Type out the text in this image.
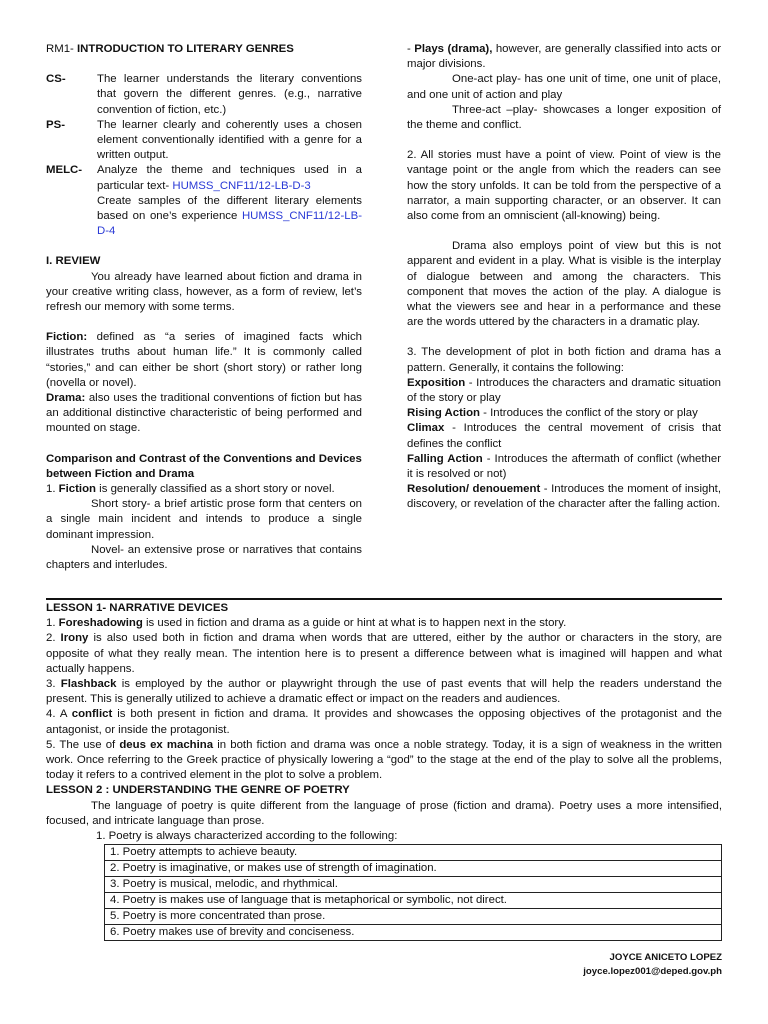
RM1- INTRODUCTION TO LITERARY GENRES

CS-	The learner understands the literary conventions that govern the different genres. (e.g., narrative convention of fiction, etc.)
PS-	The learner clearly and coherently uses a chosen element conventionally identified with a genre for a written output.
MELC-	Analyze the theme and techniques used in a particular text- HUMSS_CNF11/12-LB-D-3
Create samples of the different literary elements based on one’s experience HUMSS_CNF11/12-LB-D-4

I. REVIEW

You already have learned about fiction and drama in your creative writing class, however, as a form of review, let’s refresh our memory with some terms.

Fiction: defined as “a series of imagined facts which illustrates truths about human life.” It is commonly called “stories,” and can either be short (short story) or rather long (novella or novel).

Drama: also uses the traditional conventions of fiction but has an additional distinctive characteristic of being performed and mounted on stage.

Comparison and Contrast of the Conventions and Devices between Fiction and Drama

1. Fiction is generally classified as a short story or novel.

Short story- a brief artistic prose form that centers on a single main incident and intends to produce a single dominant impression.

Novel- an extensive prose or narratives that contains chapters and interludes.

- Plays (drama), however, are generally classified into acts or major divisions.

One-act play- has one unit of time, one unit of place, and one unit of action and play

Three-act –play- showcases a longer exposition of the theme and conflict.

2. All stories must have a point of view. Point of view is the vantage point or the angle from which the readers can see how the story unfolds. It can be told from the perspective of a narrator, a main supporting character, or an observer. It can also come from an omniscient (all-knowing) being.

Drama also employs point of view but this is not apparent and evident in a play. What is visible is the interplay of dialogue between and among the characters. This component that moves the action of the play. A dialogue is what the viewers see and hear in a performance and these are the words uttered by the characters in a dramatic play.

3. The development of plot in both fiction and drama has a pattern. Generally, it contains the following:

Exposition - Introduces the characters and dramatic situation of the story or play

Rising Action - Introduces the conflict of the story or play

Climax - Introduces the central movement of crisis that defines the conflict

Falling Action - Introduces the aftermath of conflict (whether it is resolved or not)

Resolution/ denouement - Introduces the moment of insight, discovery, or revelation of the character after the falling action.

LESSON 1- NARRATIVE DEVICES

1. Foreshadowing is used in fiction and drama as a guide or hint at what is to happen next in the story.

2. Irony is also used both in fiction and drama when words that are uttered, either by the author or characters in the story, are opposite of what they really mean. The intention here is to present a difference between what is imagined will happen and what actually happens.

3. Flashback is employed by the author or playwright through the use of past events that will help the readers understand the present. This is generally utilized to achieve a dramatic effect or impact on the readers and audiences.

4. A conflict is both present in fiction and drama. It provides and showcases the opposing objectives of the protagonist and the antagonist, or inside the protagonist.

5. The use of deus ex machina in both fiction and drama was once a noble strategy. Today, it is a sign of weakness in the written work. Once referring to the Greek practice of physically lowering a “god” to the stage at the end of the play to solve all the problems, today it refers to a contrived element in the plot to solve a problem.

LESSON 2 : UNDERSTANDING THE GENRE OF POETRY

The language of poetry is quite different from the language of prose (fiction and drama). Poetry uses a more intensified, focused, and intricate language than prose.

1. Poetry is always characterized according to the following:

1. Poetry attempts to achieve beauty.
2. Poetry is imaginative, or makes use of strength of imagination.
3. Poetry is musical, melodic, and rhythmical.
4. Poetry is makes use of language that is metaphorical or symbolic, not direct.
5. Poetry is more concentrated than prose.
6. Poetry makes use of brevity and conciseness.
JOYCE ANICETO LOPEZ
joyce.lopez001@deped.gov.ph
